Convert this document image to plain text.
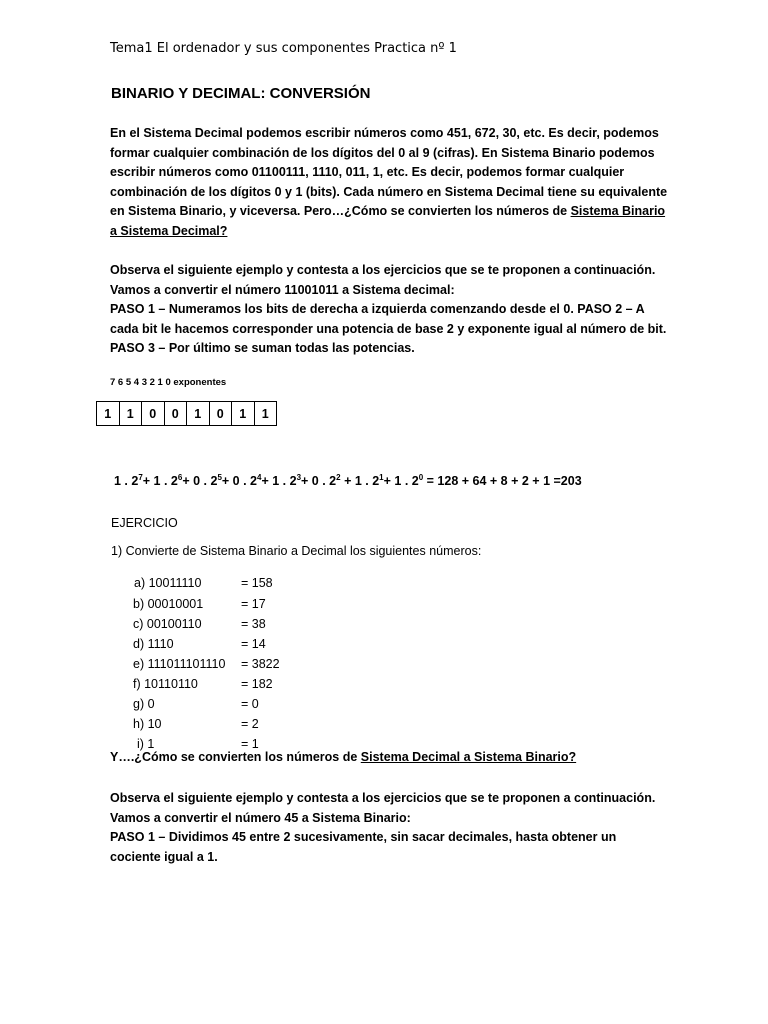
Tema1 El ordenador y sus componentes Practica nº 1
BINARIO Y DECIMAL: CONVERSIÓN
En el Sistema Decimal podemos escribir números como 451, 672, 30, etc. Es decir, podemos
formar cualquier combinación de los dígitos del 0 al 9 (cifras). En Sistema Binario podemos
escribir números como 01100111, 1110, 011, 1, etc. Es decir, podemos formar cualquier
combinación de los dígitos 0 y 1 (bits). Cada número en Sistema Decimal tiene su equivalente
en Sistema Binario, y viceversa. Pero…¿Cómo se convierten los números de Sistema Binario
a Sistema Decimal?
Observa el siguiente ejemplo y contesta a los ejercicios que se te proponen a continuación.
Vamos a convertir el número 11001011 a Sistema decimal:
PASO 1 – Numeramos los bits de derecha a izquierda comenzando desde el 0. PASO 2 – A
cada bit le hacemos corresponder una potencia de base 2 y exponente igual al número de bit.
PASO 3 – Por último se suman todas las potencias.
7 6 5 4 3 2 1 0 exponentes
1	1	0	0	1	0	1	1
1 . $2^7+ 1$ . $2^6+ 0$ . $2^5+ 0$ . $2^4+ 1$ . $2^3+ 0$ . $2^2 + 1$ . $2^1+ 1$ . $2^0 = 128 + 64 + 8 + 2 + 1 =203$
EJERCICIO
1) Convierte de Sistema Binario a Decimal los siguientes números:
a) 10011110	= 158
b) 00010001	= 17
c) 00100110	= 38
d) 1110	= 14
e) 111011101110 = 3822
f) 10110110	= 182
g) 0	= 0
h) 10	= 2
i) 1	= 1
Y….¿Cómo se convierten los números de Sistema Decimal a Sistema Binario?
Observa el siguiente ejemplo y contesta a los ejercicios que se te proponen a continuación.
Vamos a convertir el número 45 a Sistema Binario:
PASO 1 – Dividimos 45 entre 2 sucesivamente, sin sacar decimales, hasta obtener un
cociente igual a 1.
